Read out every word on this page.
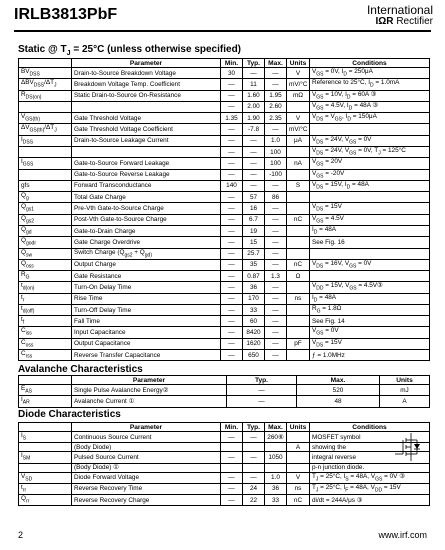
IRLB3813PbF	International
IΩR Rectifier
Static @ $T_J = 25^\circ C$ (unless otherwise specified)
	Parameter	Min.	Typ.	Max.	Units	Conditions
$BV_{DSS}$	Drain-to-Source Breakdown Voltage	30	—	—	V	$V_{GS} = 0V$, $I_D = 250\mu A$
$\Delta BV_{DSS}/\Delta T_J$	Breakdown Voltage Temp. Coefficient	—	11	—	mV/°C	Reference to 25°C, $I_D = 1.0mA$
$R_{DS(on)}$	Static Drain-to-Source On-Resistance	—	1.60	1.95	mΩ	$V_{GS} = 10V$, $I_D = 60A$ ③
		—	2.00	2.60		$V_{GS} = 4.5V$, $I_D = 48A$ ③
$V_{GS(th)}$	Gate Threshold Voltage	1.35	1.90	2.35	V	$V_{DS} = V_{GS}$, $I_D = 150\mu A$
$\Delta V_{GS(th)}/\Delta T_J$	Gate Threshold Voltage Coefficient	—	-7.8	—	mV/°C	
$I_{DSS}$	Drain-to-Source Leakage Current	—	—	1.0	μA	$V_{DS} = 24V$, $V_{GS} = 0V$
		—	—	100		$V_{DS} = 24V$, $V_{GS} = 0V$, $T_J = 125^\circ C$
$I_{GSS}$	Gate-to-Source Forward Leakage	—	—	100	nA	$V_{GS} = 20V$
	Gate-to-Source Reverse Leakage	—	—	-100		$V_{GS} = -20V$
gfs	Forward Transconductance	140	—	—	S	$V_{DS} = 15V$, $I_D = 48A$
$Q_g$	Total Gate Charge	—	57	86		
$Q_{gs1}$	Pre-Vth Gate-to-Source Charge	—	16	—		$V_{DS} = 15V$
$Q_{gs2}$	Post-Vth Gate-to-Source Charge	—	6.7	—	nC	$V_{GS} = 4.5V$
$Q_{gd}$	Gate-to-Drain Charge	—	19	—		$I_D = 48A$
$Q_{godr}$	Gate Charge Overdrive	—	15	—		See Fig. 16
$Q_{sw}$	Switch Charge ($Q_{gs2} + Q_{gd)}$	—	25.7	—		
$Q_{oss}$	Output Charge	—	35	—	nC	$V_{DS} = 16V$, $V_{GS} = 0V$
$R_G$	Gate Resistance	—	0.87	1.3	Ω	
$t_{d(on)}$	Turn-On Delay Time	—	36	—		$V_{DD} = 15V$, $V_{GS}$ = 4.5V③
$t_r$	Rise Time	—	170	—	ns	$I_D = 48A$
$t_{d(off)}$	Turn-Off Delay Time	—	33	—		$R_G = 1.8\Omega$
$t_f$	Fall Time	—	60	—		See Fig. 14
$C_{iss}$	Input Capacitance	—	8420	—		$V_{GS} = 0V$
$C_{oss}$	Output Capacitance	—	1620	—	pF	$V_{DS} = 15V$
$C_{rss}$	Reverse Transfer Capacitance	—	650	—		ƒ = 1.0MHz
Avalanche Characteristics
	Parameter	Typ.	Max.	Units
$E_{AS}$	Single Pulse Avalanche Energy②	—	520	mJ
$I_{AR}$	Avalanche Current ①	—	48	A
Diode Characteristics
	Parameter	Min.	Typ.	Max.	Units	Conditions
$I_S$	Continuous Source Current	—	—	260⑥		MOSFET symbol
	(Body Diode)				A	showing the
$I_{SM}$	Pulsed Source Current	—	—	1050		integral reverse
	(Body Diode) ①					p-n junction diode.
$V_{SD}$	Diode Forward Voltage	—	—	1.0	V	$T_J = 25^\circ C$, $I_S = 48A$, $V_{GS} = 0V$ ③
$t_{rr}$	Reverse Recovery Time	—	24	36	ns	$T_J = 25^\circ C$, $I_F = 48A$, $V_{DD} = 15V$
$Q_{rr}$	Reverse Recovery Charge	—	22	33	nC	di/dt = 244A/μs ③
2	www.irf.com
